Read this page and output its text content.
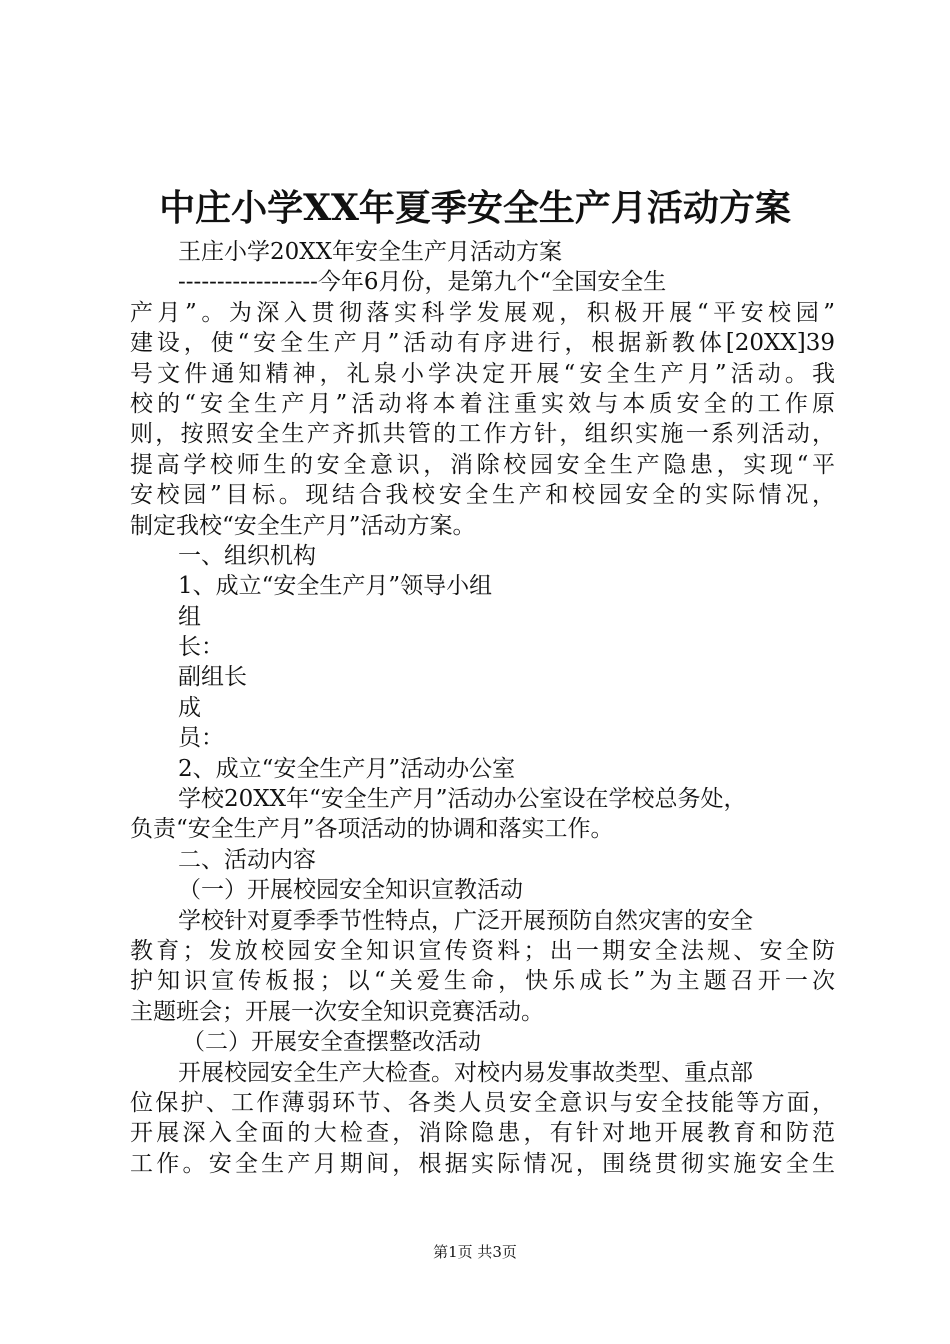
中庄小学XX年夏季安全生产月活动方案
王庄小学20XX年安全生产月活动方案
------------------今年6月份，是第九个“全国安全生
产月”。为深入贯彻落实科学发展观，积极开展“平安校园”
建设，使“安全生产月”活动有序进行，根据新教体[20XX]39
号文件通知精神，礼泉小学决定开展“安全生产月”活动。我
校的“安全生产月”活动将本着注重实效与本质安全的工作原
则，按照安全生产齐抓共管的工作方针，组织实施一系列活动，
提高学校师生的安全意识，消除校园安全生产隐患，实现“平
安校园”目标。现结合我校安全生产和校园安全的实际情况，
制定我校“安全生产月”活动方案。
一、组织机构
1、成立“安全生产月”领导小组
组
长：
副组长
成
员：
2、成立“安全生产月”活动办公室
学校20XX年“安全生产月”活动办公室设在学校总务处，
负责“安全生产月”各项活动的协调和落实工作。
二、活动内容
（一）开展校园安全知识宣教活动
学校针对夏季季节性特点，广泛开展预防自然灾害的安全
教育；发放校园安全知识宣传资料；出一期安全法规、安全防
护知识宣传板报；以“关爱生命，快乐成长”为主题召开一次
主题班会；开展一次安全知识竞赛活动。
（二）开展安全查摆整改活动
开展校园安全生产大检查。对校内易发事故类型、重点部
位保护、工作薄弱环节、各类人员安全意识与安全技能等方面，
开展深入全面的大检查，消除隐患，有针对地开展教育和防范
工作。安全生产月期间，根据实际情况，围绕贯彻实施安全生
第1页 共3页
